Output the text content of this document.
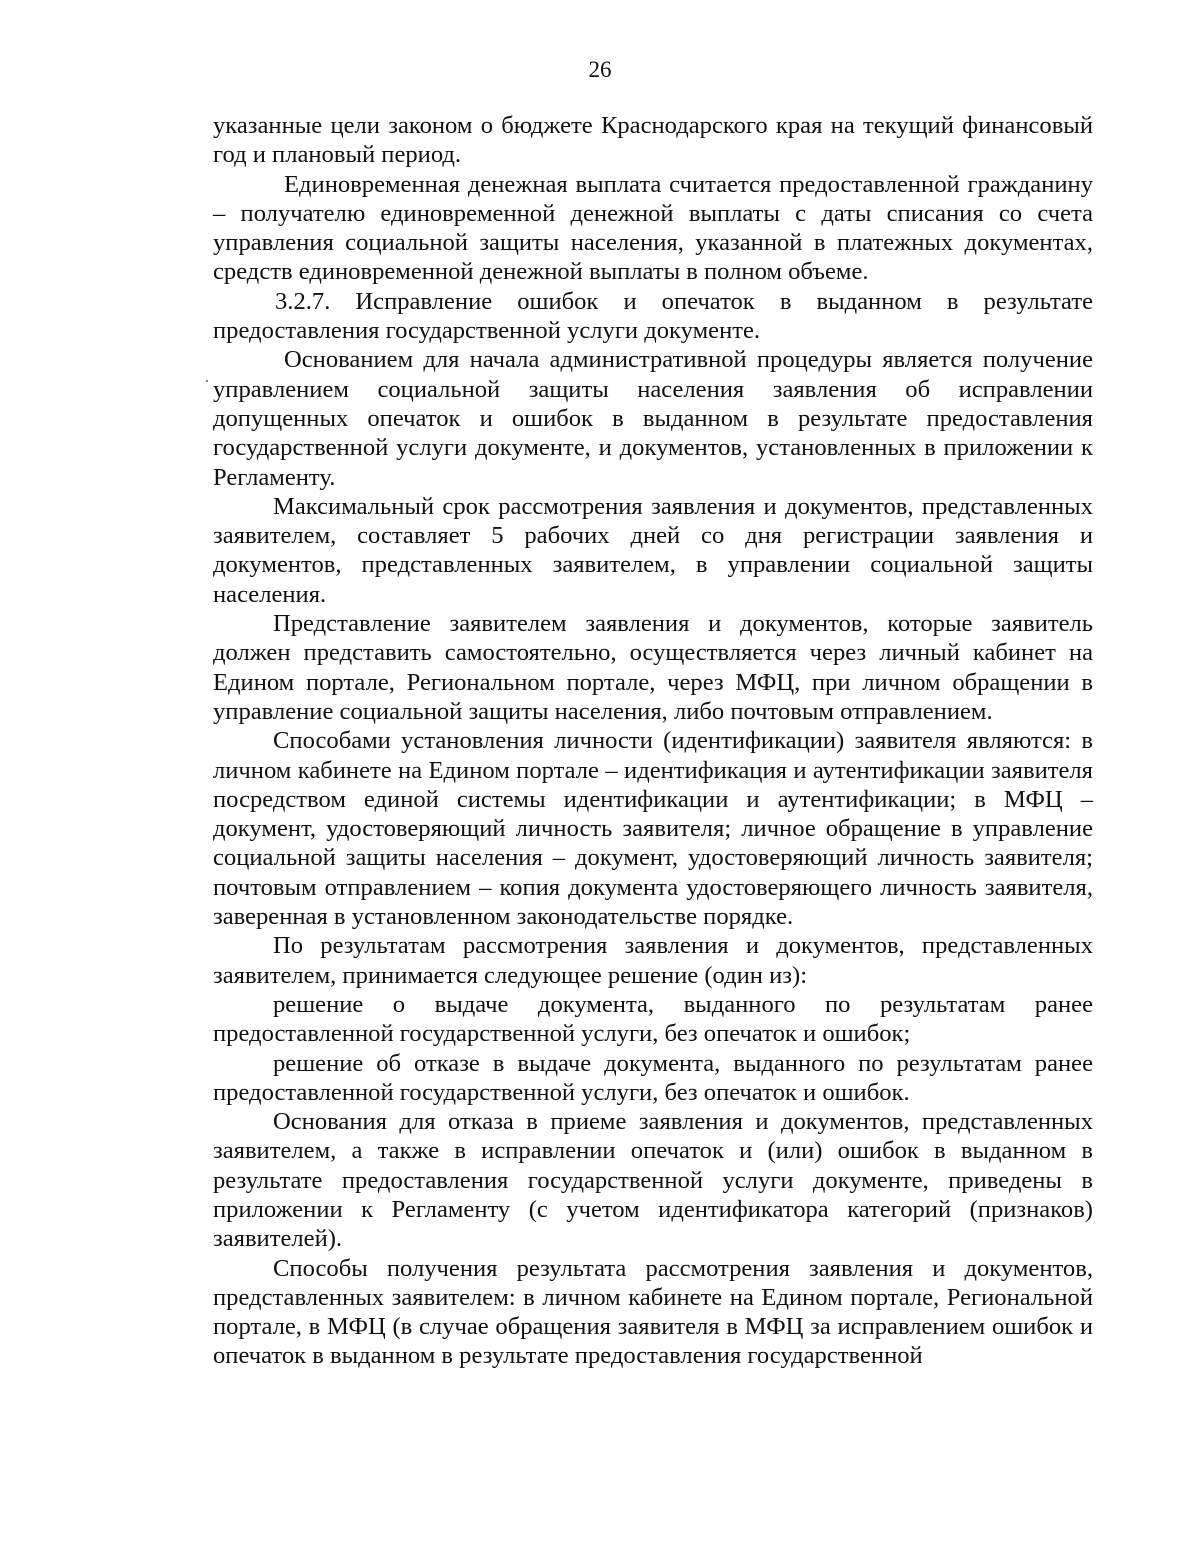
26

указанные цели законом о бюджете Краснодарского края на текущий финансовый год и плановый период.

Единовременная денежная выплата считается предоставленной гражданину – получателю единовременной денежной выплаты с даты списания со счета управления социальной защиты населения, указанной в платежных документах, средств единовременной денежной выплаты в полном объеме.

3.2.7. Исправление ошибок и опечаток в выданном в результате предоставления государственной услуги документе.

Основанием для начала административной процедуры является получение управлением социальной защиты населения заявления об исправлении допущенных опечаток и ошибок в выданном в результате предоставления государственной услуги документе, и документов, установленных в приложении к Регламенту.

Максимальный срок рассмотрения заявления и документов, представленных заявителем, составляет 5 рабочих дней со дня регистрации заявления и документов, представленных заявителем, в управлении социальной защиты населения.

Представление заявителем заявления и документов, которые заявитель должен представить самостоятельно, осуществляется через личный кабинет на Едином портале, Региональном портале, через МФЦ, при личном обращении в управление социальной защиты населения, либо почтовым отправлением.

Способами установления личности (идентификации) заявителя являются: в личном кабинете на Едином портале – идентификация и аутентификации заявителя посредством единой системы идентификации и аутентификации; в МФЦ – документ, удостоверяющий личность заявителя; личное обращение в управление социальной защиты населения – документ, удостоверяющий личность заявителя; почтовым отправлением – копия документа удостоверяющего личность заявителя, заверенная в установленном законодательстве порядке.

По результатам рассмотрения заявления и документов, представленных заявителем, принимается следующее решение (один из):

решение о выдаче документа, выданного по результатам ранее предоставленной государственной услуги, без опечаток и ошибок;

решение об отказе в выдаче документа, выданного по результатам ранее предоставленной государственной услуги, без опечаток и ошибок.

Основания для отказа в приеме заявления и документов, представленных заявителем, а также в исправлении опечаток и (или) ошибок в выданном в результате предоставления государственной услуги документе, приведены в приложении к Регламенту (с учетом идентификатора категорий (признаков) заявителей).

Способы получения результата рассмотрения заявления и документов, представленных заявителем: в личном кабинете на Едином портале, Региональной портале, в МФЦ (в случае обращения заявителя в МФЦ за исправлением ошибок и опечаток в выданном в результате предоставления государственной
